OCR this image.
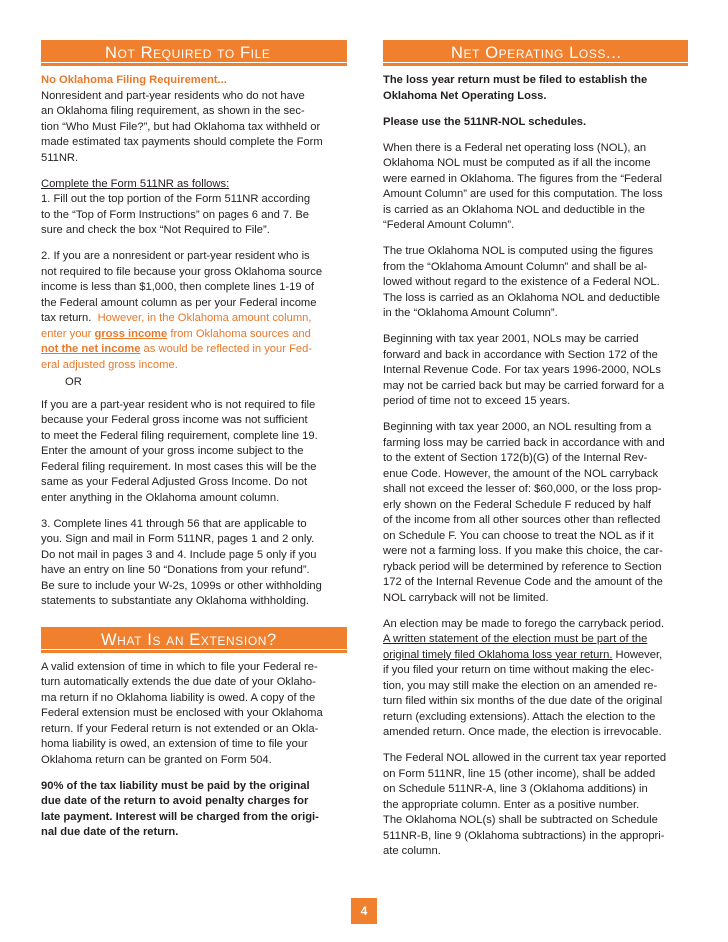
Not Required to File

No Oklahoma Filing Requirement...

Nonresident and part-year residents who do not have

an Oklahoma filing requirement, as shown in the sec-

tion “Who Must File?”, but had Oklahoma tax withheld or

made estimated tax payments should complete the Form

511NR.

Complete the Form 511NR as follows:

1. Fill out the top portion of the Form 511NR according

to the “Top of Form Instructions” on pages 6 and 7. Be

sure and check the box “Not Required to File”.

2. If you are a nonresident or part-year resident who is

not required to file because your gross Oklahoma source

income is less than $1,000, then complete lines 1-19 of

the Federal amount column as per your Federal income

tax return. However, in the Oklahoma amount column,

enter your gross income from Oklahoma sources and

not the net income as would be reflected in your Fed-

eral adjusted gross income.

OR

If you are a part-year resident who is not required to file

because your Federal gross income was not sufficient

to meet the Federal filing requirement, complete line 19.

Enter the amount of your gross income subject to the

Federal filing requirement. In most cases this will be the

same as your Federal Adjusted Gross Income. Do not

enter anything in the Oklahoma amount column.

3. Complete lines 41 through 56 that are applicable to

you. Sign and mail in Form 511NR, pages 1 and 2 only.

Do not mail in pages 3 and 4. Include page 5 only if you

have an entry on line 50 “Donations from your refund”.

Be sure to include your W-2s, 1099s or other withholding

statements to substantiate any Oklahoma withholding.

What Is an Extension?

A valid extension of time in which to file your Federal re-

turn automatically extends the due date of your Oklaho-

ma return if no Oklahoma liability is owed. A copy of the

Federal extension must be enclosed with your Oklahoma

return. If your Federal return is not extended or an Okla-

homa liability is owed, an extension of time to file your

Oklahoma return can be granted on Form 504.

90% of the tax liability must be paid by the original

due date of the return to avoid penalty charges for

late payment. Interest will be charged from the origi-

nal due date of the return.

Net Operating Loss...

The loss year return must be filed to establish the

Oklahoma Net Operating Loss.

Please use the 511NR-NOL schedules.

When there is a Federal net operating loss (NOL), an

Oklahoma NOL must be computed as if all the income

were earned in Oklahoma. The figures from the “Federal

Amount Column” are used for this computation. The loss

is carried as an Oklahoma NOL and deductible in the

“Federal Amount Column”.

The true Oklahoma NOL is computed using the figures

from the “Oklahoma Amount Column” and shall be al-

lowed without regard to the existence of a Federal NOL.

The loss is carried as an Oklahoma NOL and deductible

in the “Oklahoma Amount Column”.

Beginning with tax year 2001, NOLs may be carried

forward and back in accordance with Section 172 of the

Internal Revenue Code. For tax years 1996-2000, NOLs

may not be carried back but may be carried forward for a

period of time not to exceed 15 years.

Beginning with tax year 2000, an NOL resulting from a

farming loss may be carried back in accordance with and

to the extent of Section 172(b)(G) of the Internal Rev-

enue Code. However, the amount of the NOL carryback

shall not exceed the lesser of: $60,000, or the loss prop-

erly shown on the Federal Schedule F reduced by half

of the income from all other sources other than reflected

on Schedule F. You can choose to treat the NOL as if it

were not a farming loss. If you make this choice, the car-

ryback period will be determined by reference to Section

172 of the Internal Revenue Code and the amount of the

NOL carryback will not be limited.

An election may be made to forego the carryback period.

A written statement of the election must be part of the

original timely filed Oklahoma loss year return. However,

if you filed your return on time without making the elec-

tion, you may still make the election on an amended re-

turn filed within six months of the due date of the original

return (excluding extensions). Attach the election to the

amended return. Once made, the election is irrevocable.

The Federal NOL allowed in the current tax year reported

on Form 511NR, line 15 (other income), shall be added

on Schedule 511NR-A, line 3 (Oklahoma additions) in

the appropriate column. Enter as a positive number.

The Oklahoma NOL(s) shall be subtracted on Schedule

511NR-B, line 9 (Oklahoma subtractions) in the appropri-

ate column.

4
